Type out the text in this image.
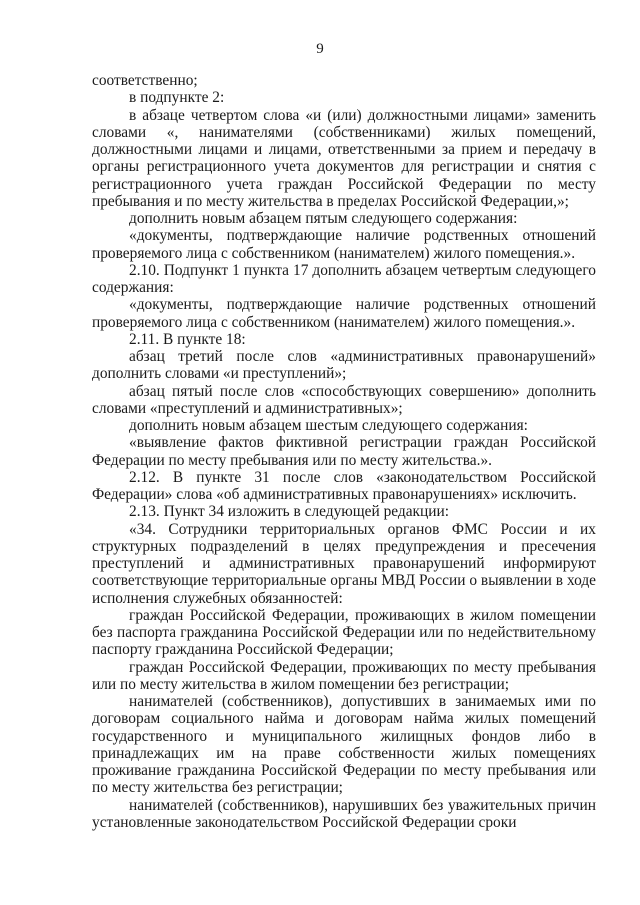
9

соответственно;

в подпункте 2:

в абзаце четвертом слова «и (или) должностными лицами» заменить словами «, нанимателями (собственниками) жилых помещений, должностными лицами и лицами, ответственными за прием и передачу в органы регистрационного учета документов для регистрации и снятия с регистрационного учета граждан Российской Федерации по месту пребывания и по месту жительства в пределах Российской Федерации,»;

дополнить новым абзацем пятым следующего содержания:

«документы, подтверждающие наличие родственных отношений проверяемого лица с собственником (нанимателем) жилого помещения.».

2.10. Подпункт 1 пункта 17 дополнить абзацем четвертым следующего содержания:

«документы, подтверждающие наличие родственных отношений проверяемого лица с собственником (нанимателем) жилого помещения.».

2.11. В пункте 18:

абзац третий после слов «административных правонарушений» дополнить словами «и преступлений»;

абзац пятый после слов «способствующих совершению» дополнить словами «преступлений и административных»;

дополнить новым абзацем шестым следующего содержания:

«выявление фактов фиктивной регистрации граждан Российской Федерации по месту пребывания или по месту жительства.».

2.12. В пункте 31 после слов «законодательством Российской Федерации» слова «об административных правонарушениях» исключить.

2.13. Пункт 34 изложить в следующей редакции:

«34. Сотрудники территориальных органов ФМС России и их структурных подразделений в целях предупреждения и пресечения преступлений и административных правонарушений информируют соответствующие территориальные органы МВД России о выявлении в ходе исполнения служебных обязанностей:

граждан Российской Федерации, проживающих в жилом помещении без паспорта гражданина Российской Федерации или по недействительному паспорту гражданина Российской Федерации;

граждан Российской Федерации, проживающих по месту пребывания или по месту жительства в жилом помещении без регистрации;

нанимателей (собственников), допустивших в занимаемых ими по договорам социального найма и договорам найма жилых помещений государственного и муниципального жилищных фондов либо в принадлежащих им на праве собственности жилых помещениях проживание гражданина Российской Федерации по месту пребывания или по месту жительства без регистрации;

нанимателей (собственников), нарушивших без уважительных причин установленные законодательством Российской Федерации сроки
